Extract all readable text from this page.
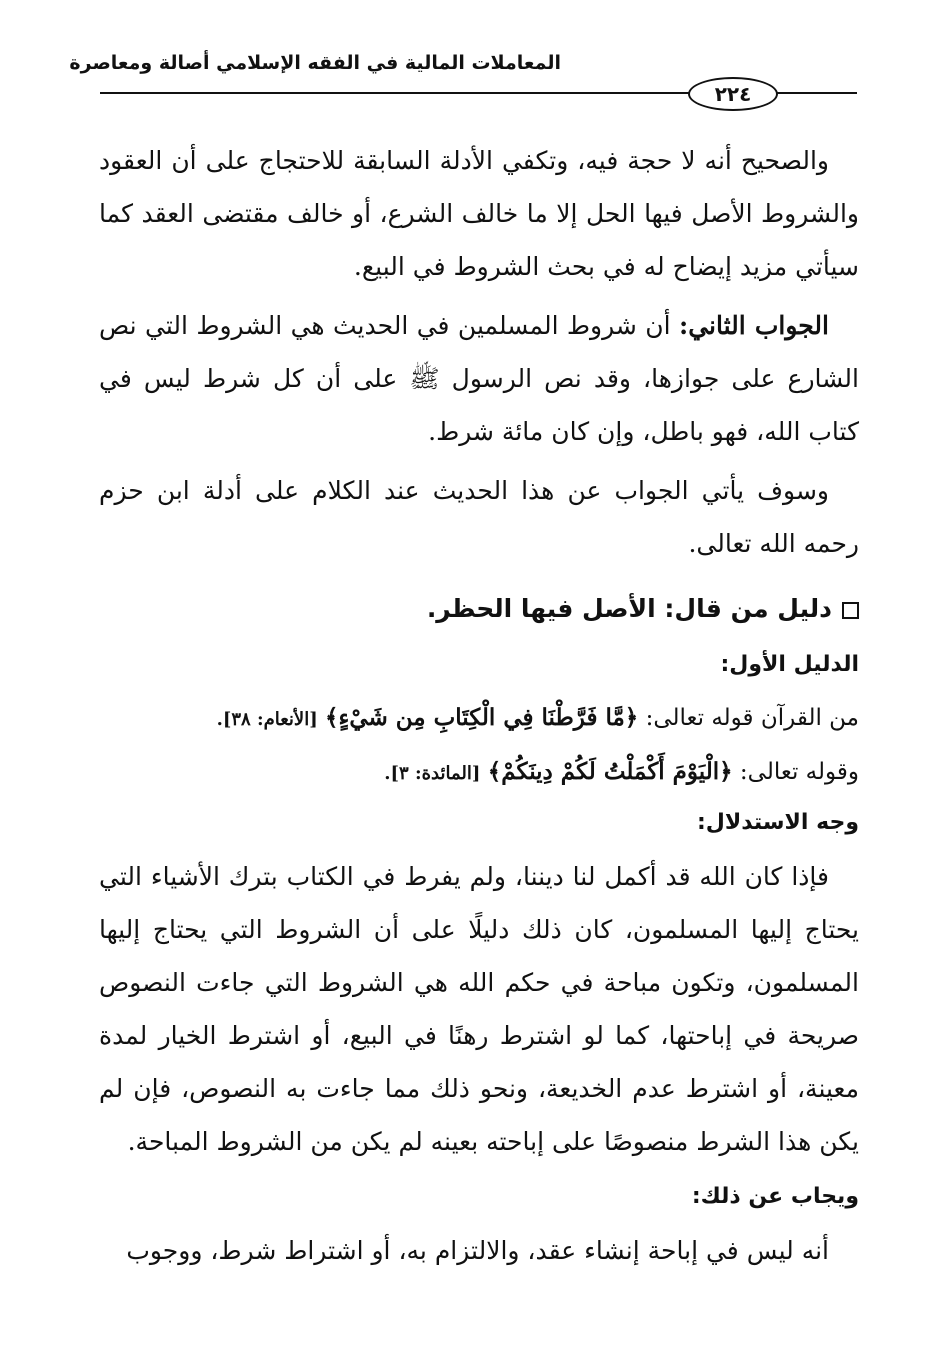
المعاملات المالية في الفقه الإسلامي أصالة ومعاصرة
٢٢٤

والصحيح أنه لا حجة فيه، وتكفي الأدلة السابقة للاحتجاج على أن العقود والشروط الأصل فيها الحل إلا ما خالف الشرع، أو خالف مقتضى العقد كما سيأتي مزيد إيضاح له في بحث الشروط في البيع.

الجواب الثاني: أن شروط المسلمين في الحديث هي الشروط التي نص الشارع على جوازها، وقد نص الرسول ﷺ على أن كل شرط ليس في كتاب الله، فهو باطل، وإن كان مائة شرط.

وسوف يأتي الجواب عن هذا الحديث عند الكلام على أدلة ابن حزم رحمه الله تعالى.

دليل من قال: الأصل فيها الحظر.
الدليل الأول:

من القرآن قوله تعالى: ﴿مَّا فَرَّطْنَا فِي الْكِتَابِ مِن شَيْءٍ﴾ [الأنعام: ٣٨].

وقوله تعالى: ﴿الْيَوْمَ أَكْمَلْتُ لَكُمْ دِينَكُمْ﴾ [المائدة: ٣].

وجه الاستدلال:

فإذا كان الله قد أكمل لنا ديننا، ولم يفرط في الكتاب بترك الأشياء التي يحتاج إليها المسلمون، كان ذلك دليلًا على أن الشروط التي يحتاج إليها المسلمون، وتكون مباحة في حكم الله هي الشروط التي جاءت النصوص صريحة في إباحتها، كما لو اشترط رهنًا في البيع، أو اشترط الخيار لمدة معينة، أو اشترط عدم الخديعة، ونحو ذلك مما جاءت به النصوص، فإن لم يكن هذا الشرط منصوصًا على إباحته بعينه لم يكن من الشروط المباحة.

ويجاب عن ذلك:

أنه ليس في إباحة إنشاء عقد، والالتزام به، أو اشتراط شرط، ووجوب
